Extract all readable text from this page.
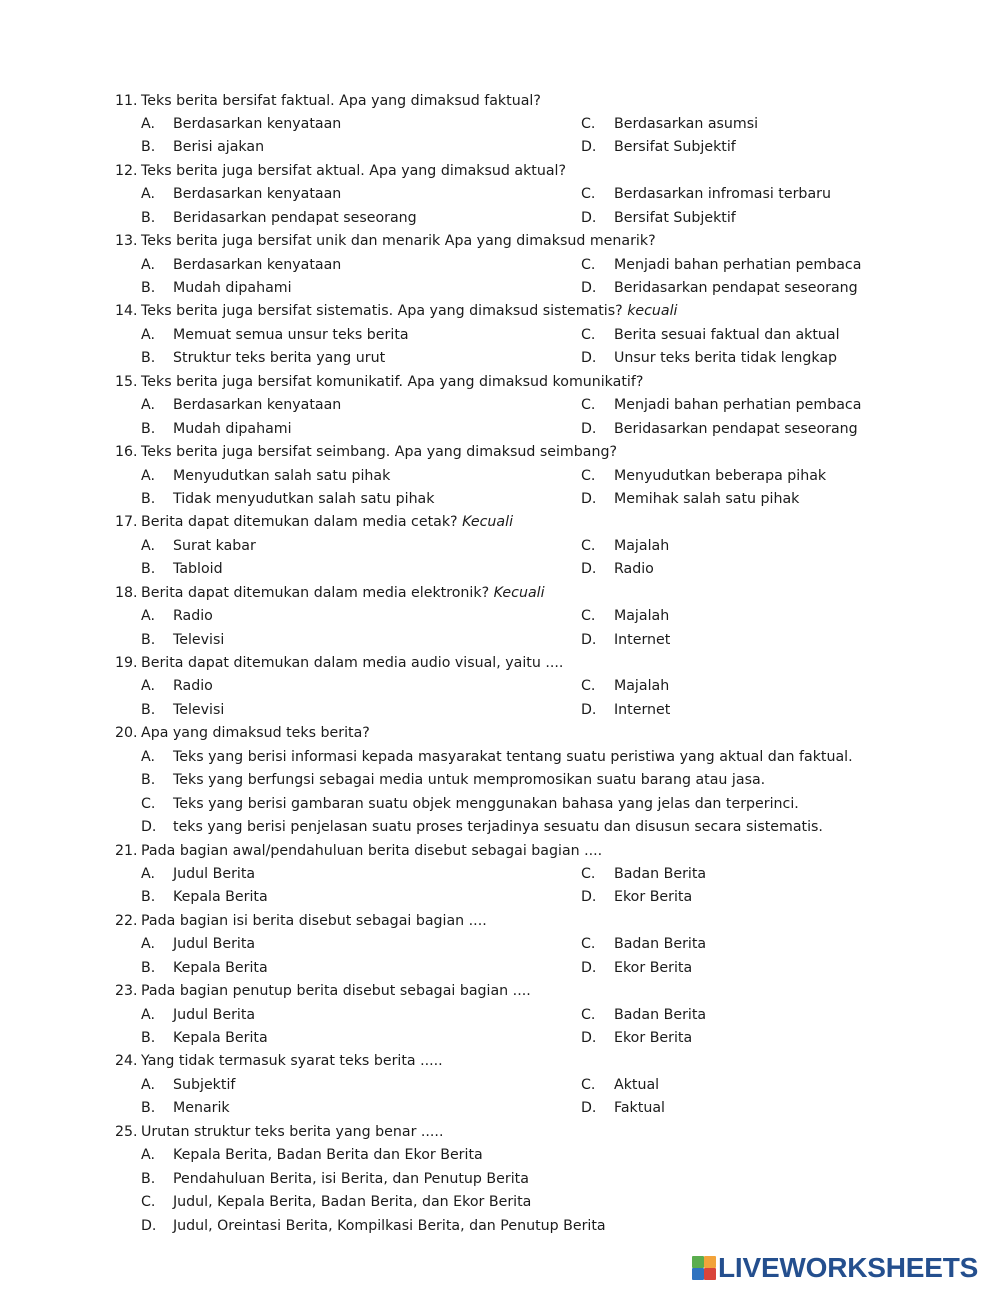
11. Teks berita bersifat faktual. Apa yang dimaksud faktual?
A. Berdasarkan kenyataan
B. Berisi ajakan
C. Berdasarkan asumsi
D. Bersifat Subjektif
12. Teks berita juga bersifat aktual. Apa yang dimaksud aktual?
A. Berdasarkan kenyataan
B. Beridasarkan pendapat seseorang
C. Berdasarkan infromasi terbaru
D. Bersifat Subjektif
13. Teks berita juga bersifat unik dan menarik Apa yang dimaksud menarik?
A. Berdasarkan kenyataan
B. Mudah dipahami
C. Menjadi bahan perhatian pembaca
D. Beridasarkan pendapat seseorang
14. Teks berita juga bersifat sistematis. Apa yang dimaksud sistematis? kecuali
A. Memuat semua unsur teks berita
B. Struktur teks berita yang urut
C. Berita sesuai faktual dan aktual
D. Unsur teks berita tidak lengkap
15. Teks berita juga bersifat komunikatif. Apa yang dimaksud komunikatif?
A. Berdasarkan kenyataan
B. Mudah dipahami
C. Menjadi bahan perhatian pembaca
D. Beridasarkan pendapat seseorang
16. Teks berita juga bersifat seimbang. Apa yang dimaksud seimbang?
A. Menyudutkan salah satu pihak
B. Tidak menyudutkan salah satu pihak
C. Menyudutkan beberapa pihak
D. Memihak salah satu pihak
17. Berita dapat ditemukan dalam media cetak? Kecuali
A. Surat kabar
B. Tabloid
C. Majalah
D. Radio
18. Berita dapat ditemukan dalam media elektronik? Kecuali
A. Radio
B. Televisi
C. Majalah
D. Internet
19. Berita dapat ditemukan dalam media audio visual, yaitu ....
A. Radio
B. Televisi
C. Majalah
D. Internet
20. Apa yang dimaksud teks berita?
A. Teks yang berisi informasi kepada masyarakat tentang suatu peristiwa yang aktual dan faktual.
B. Teks yang berfungsi sebagai media untuk mempromosikan suatu barang atau jasa.
C. Teks yang berisi gambaran suatu objek menggunakan bahasa yang jelas dan terperinci.
D. teks yang berisi penjelasan suatu proses terjadinya sesuatu dan disusun secara sistematis.
21. Pada bagian awal/pendahuluan berita disebut sebagai bagian ....
A. Judul Berita
B. Kepala Berita
C. Badan Berita
D. Ekor Berita
22. Pada bagian isi berita disebut sebagai bagian ....
A. Judul Berita
B. Kepala Berita
C. Badan Berita
D. Ekor Berita
23. Pada bagian penutup berita disebut sebagai bagian ....
A. Judul Berita
B. Kepala Berita
C. Badan Berita
D. Ekor Berita
24. Yang tidak termasuk syarat teks berita .....
A. Subjektif
B. Menarik
C. Aktual
D. Faktual
25. Urutan struktur teks berita yang benar .....
A. Kepala Berita, Badan Berita dan Ekor Berita
B. Pendahuluan Berita, isi Berita, dan Penutup Berita
C. Judul, Kepala Berita, Badan Berita, dan Ekor Berita
D. Judul, Oreintasi Berita, Kompilkasi Berita, dan Penutup Berita
LIVEWORKSHEETS
